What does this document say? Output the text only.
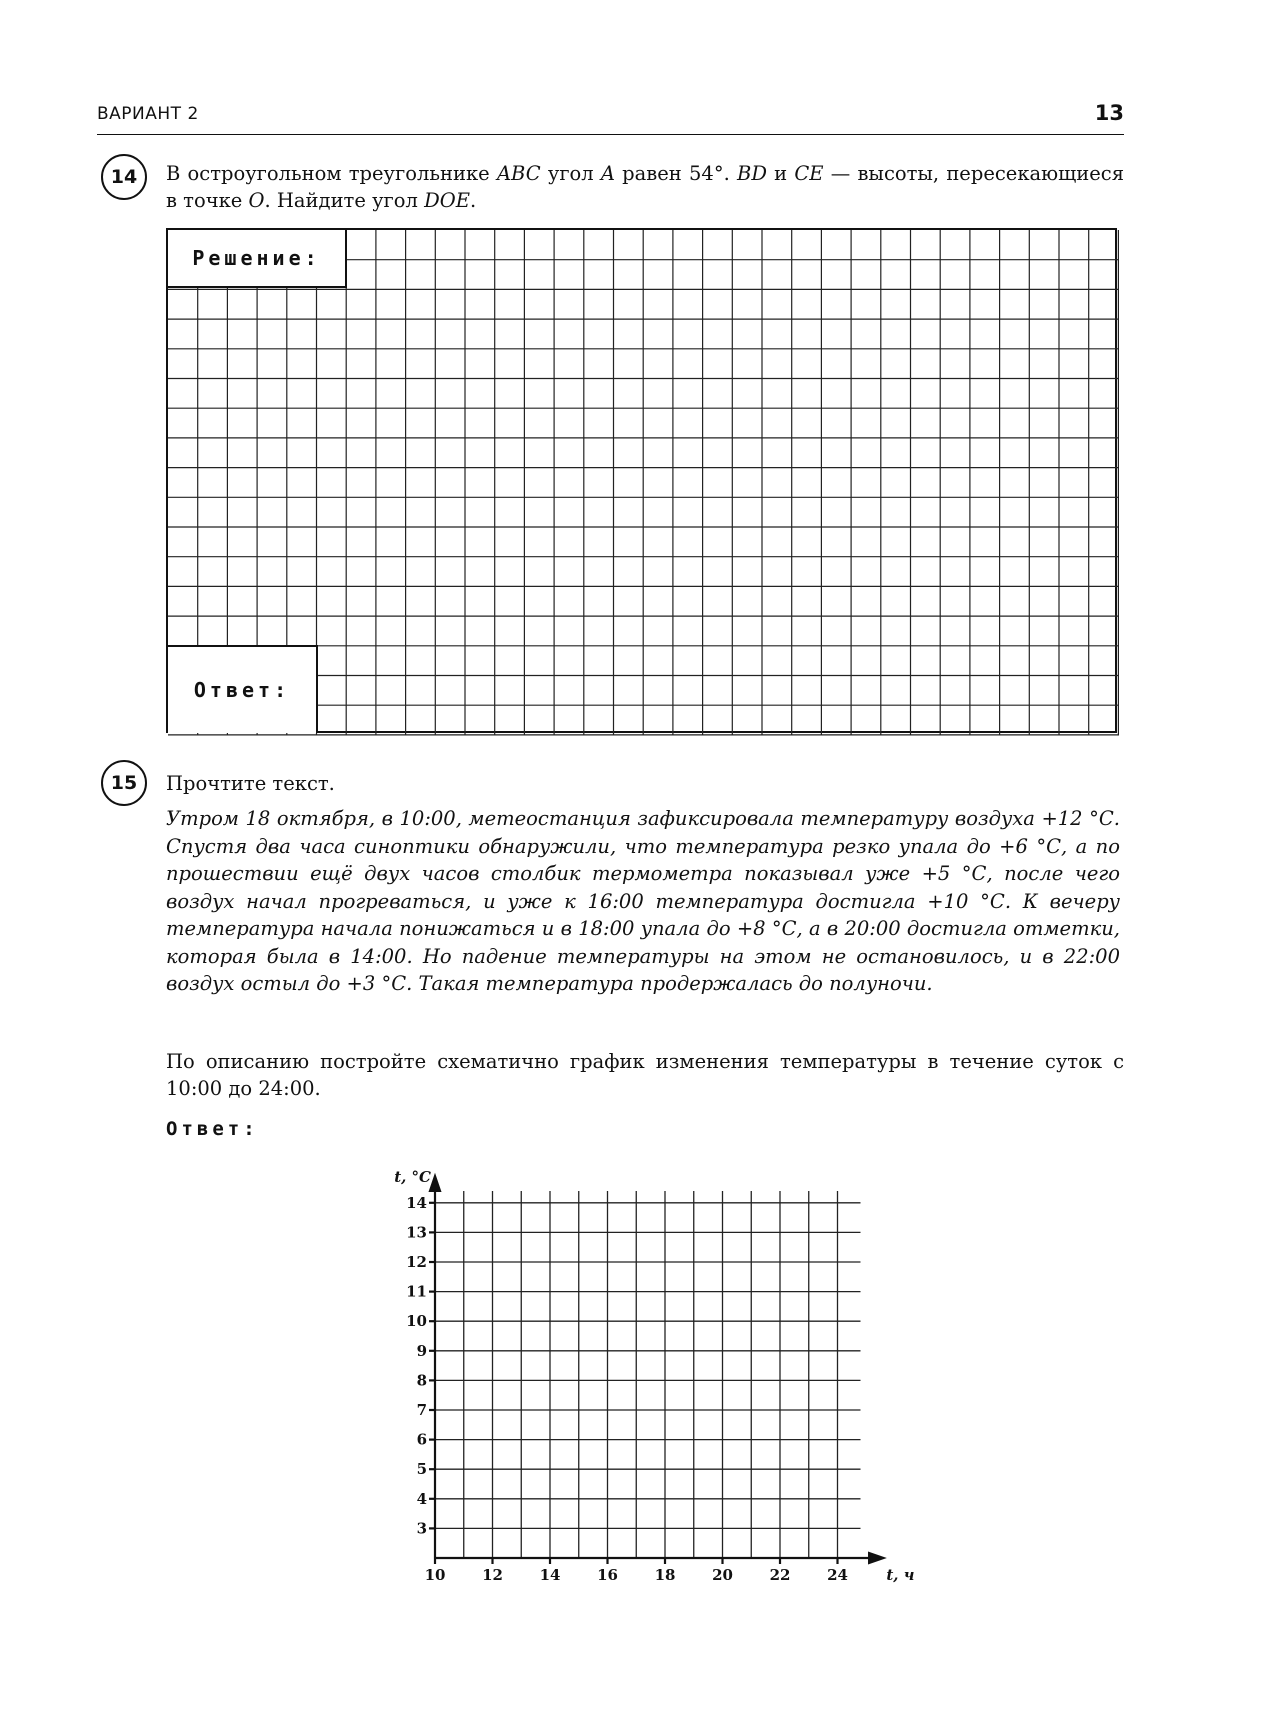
ВАРИАНТ 2	13
14	В остроугольном треугольнике ABC угол A равен 54°. BD и CE — высоты, пересекающиеся в точке O. Найдите угол DOE.
Решение:
Ответ:
15	Прочтите текст.
Утром 18 октября, в 10:00, метеостанция зафиксировала температуру воздуха +12 °С. Спустя два часа синоптики обнаружили, что температура резко упала до +6 °С, а по прошествии ещё двух часов столбик термометра показывал уже +5 °С, после чего воздух начал прогреваться, и уже к 16:00 температура достигла +10 °С. К вечеру температура начала понижаться и в 18:00 упала до +8 °С, а в 20:00 достигла отметки, которая была в 14:00. Но падение температуры на этом не остановилось, и в 22:00 воздух остыл до +3 °С. Такая температура продержалась до полуночи.
По описанию постройте схематично график изменения температуры в течение суток с 10:00 до 24:00.
Ответ:
3
4
5
6
7
8
9
10
11
12
13
14
10 12 14 16 18 20 22 24
t, °C
t, ч
